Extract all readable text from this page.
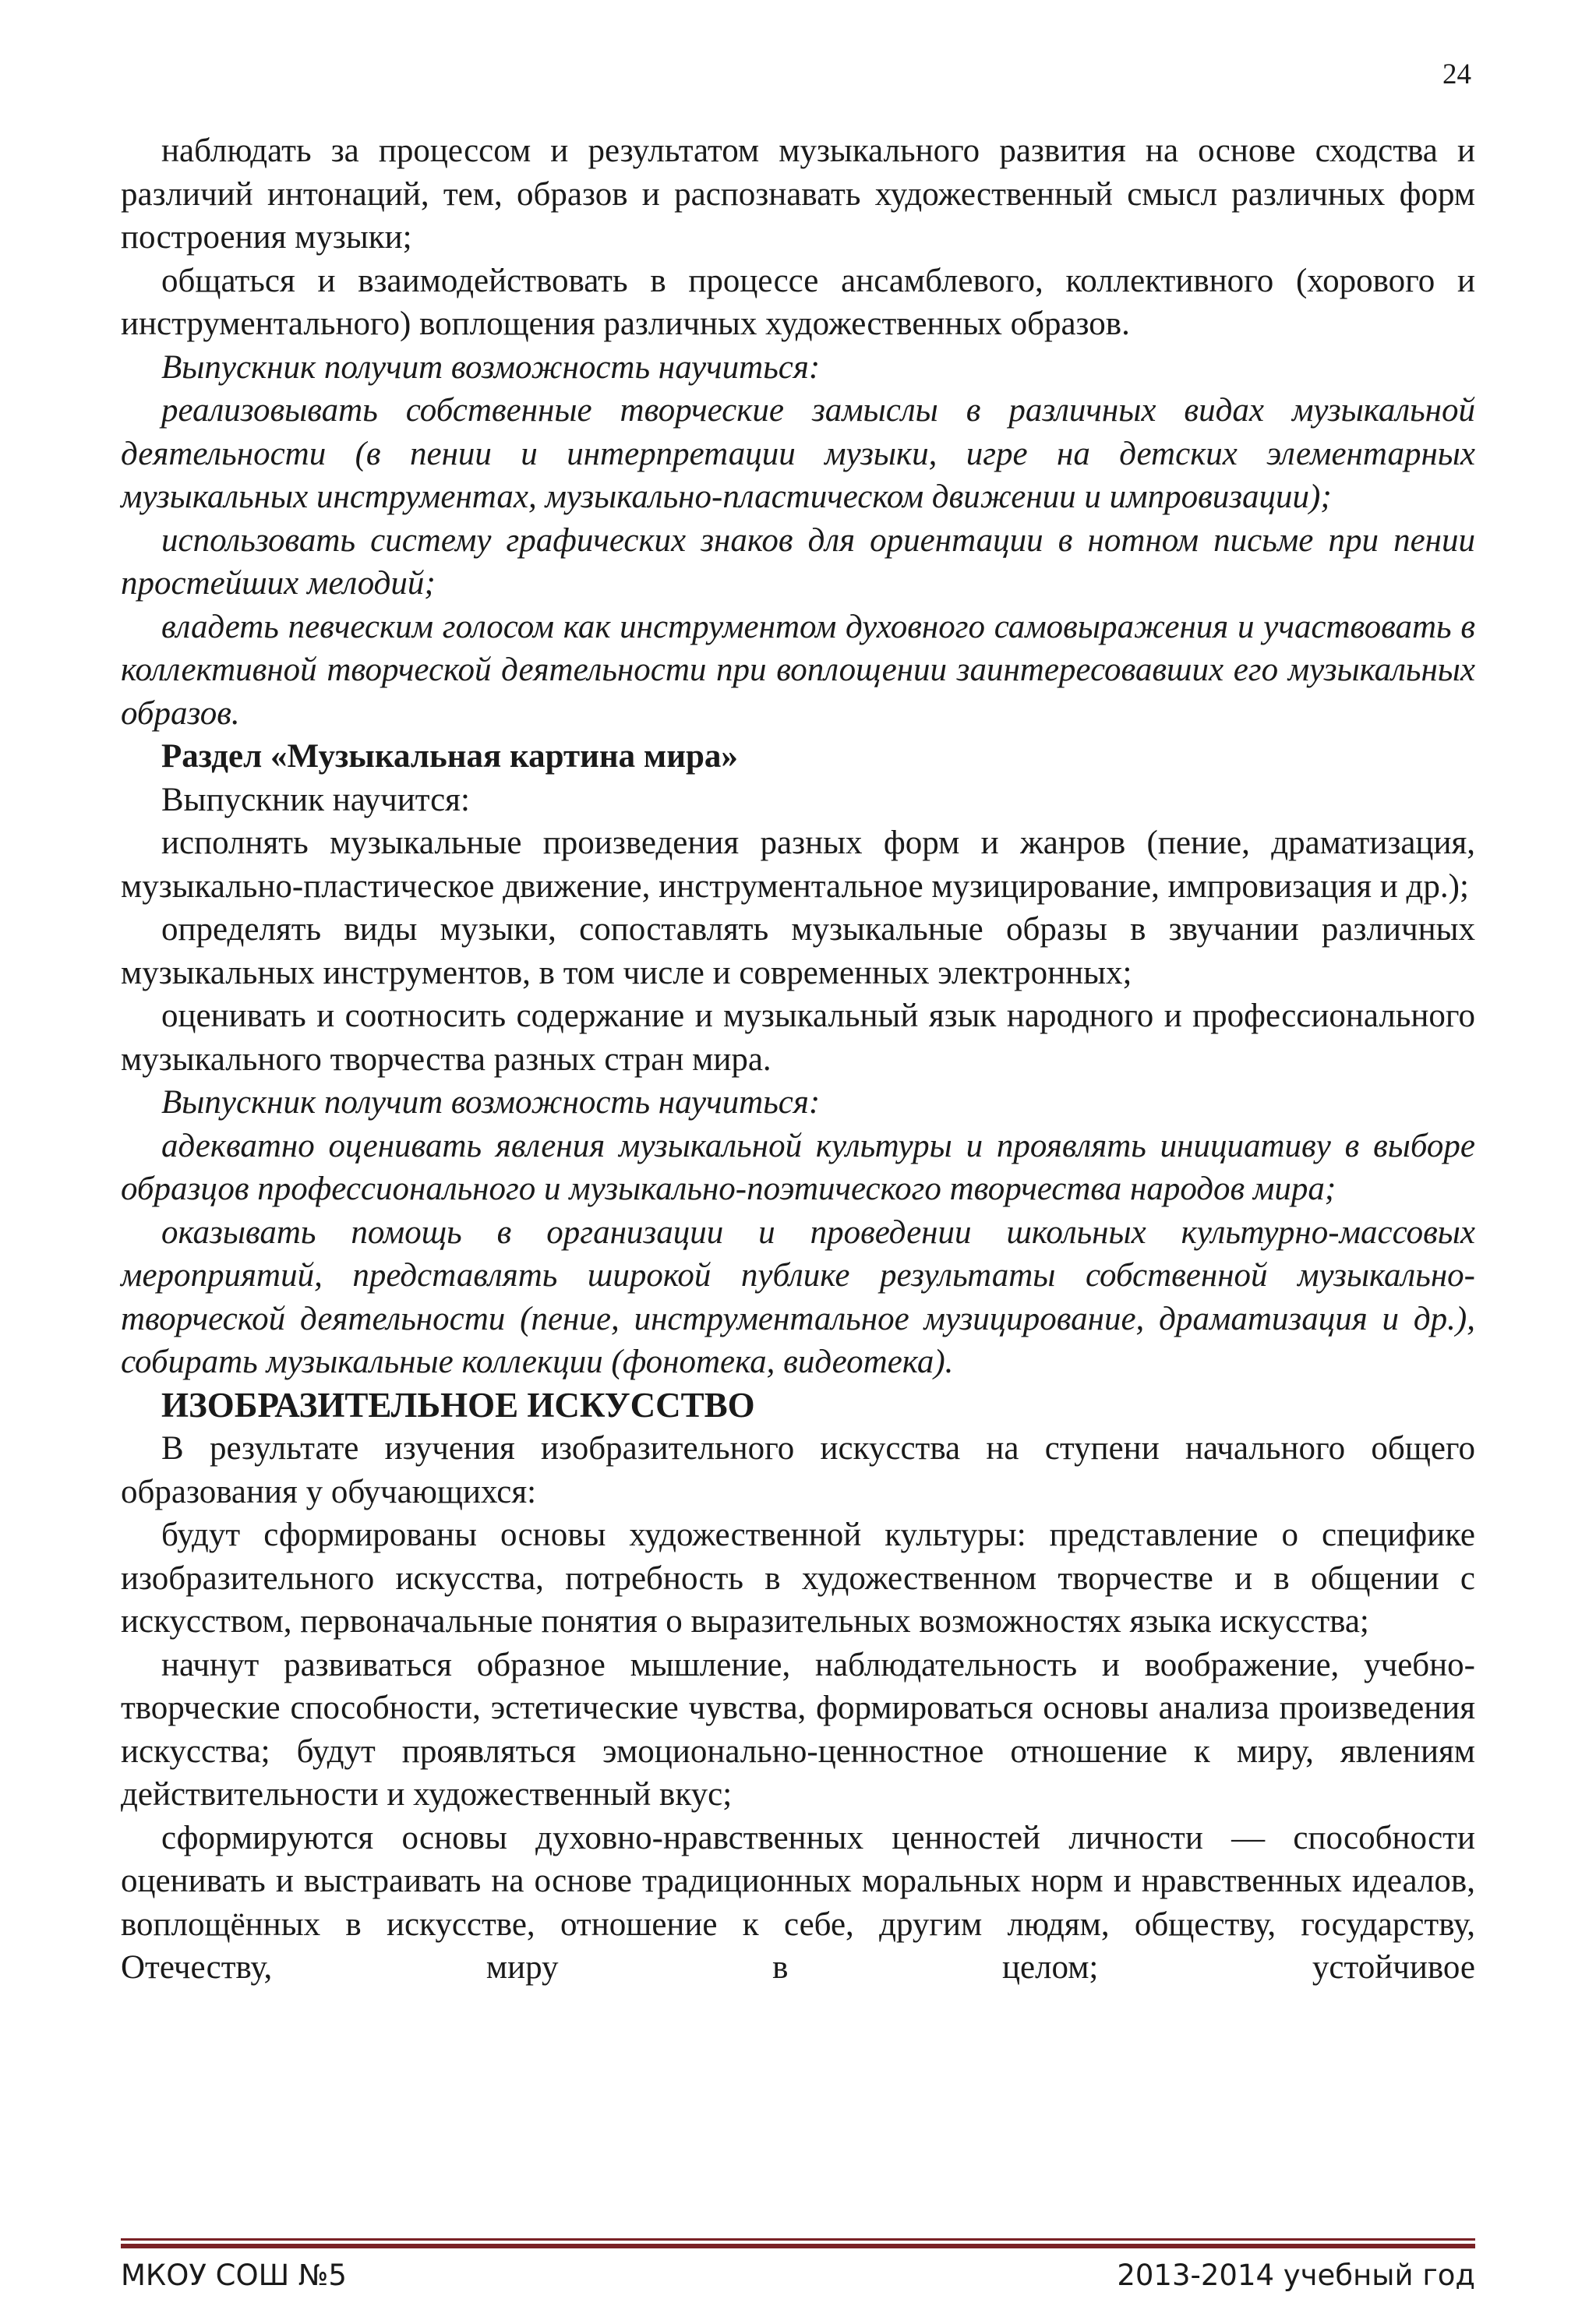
24

наблюдать за процессом и результатом музыкального развития на основе сходства и различий интонаций, тем, образов и распознавать художественный смысл различных форм построения музыки;

общаться и взаимодействовать в процессе ансамблевого, коллективного (хорового и инструментального) воплощения различных художественных образов.

Выпускник получит возможность научиться:

реализовывать собственные творческие замыслы в различных видах музыкальной деятельности (в пении и интерпретации музыки, игре на детских элементарных музыкальных инструментах, музыкально-пластическом движении и импровизации);

использовать систему графических знаков для ориентации в нотном письме при пении простейших мелодий;

владеть певческим голосом как инструментом духовного самовыражения и участвовать в коллективной творческой деятельности при воплощении заинтересовавших его музыкальных образов.

Раздел «Музыкальная картина мира»

Выпускник научится:

исполнять музыкальные произведения разных форм и жанров (пение, драматизация, музыкально-пластическое движение, инструментальное музицирование, импровизация и др.);

определять виды музыки, сопоставлять музыкальные образы в звучании различных музыкальных инструментов, в том числе и современных электронных;

оценивать и соотносить содержание и музыкальный язык народного и профессионального музыкального творчества разных стран мира.

Выпускник получит возможность научиться:

адекватно оценивать явления музыкальной культуры и проявлять инициативу в выборе образцов профессионального и музыкально-поэтического творчества народов мира;

оказывать помощь в организации и проведении школьных культурно-массовых мероприятий, представлять широкой публике результаты собственной музыкально-творческой деятельности (пение, инструментальное музицирование, драматизация и др.), собирать музыкальные коллекции (фонотека, видеотека).

ИЗОБРАЗИТЕЛЬНОЕ ИСКУССТВО

В результате изучения изобразительного искусства на ступени начального общего образования у обучающихся:

будут сформированы основы художественной культуры: представление о специфике изобразительного искусства, потребность в художественном творчестве и в общении с искусством, первоначальные понятия о выразительных возможностях языка искусства;

начнут развиваться образное мышление, наблюдательность и воображение, учебно-творческие способности, эстетические чувства, формироваться основы анализа произведения искусства; будут проявляться эмоционально-ценностное отношение к миру, явлениям действительности и художественный вкус;

сформируются основы духовно-нравственных ценностей личности — способности оценивать и выстраивать на основе традиционных моральных норм и нравственных идеалов, воплощённых в искусстве, отношение к себе, другим людям, обществу, государству, Отечеству, миру в целом; устойчивое

МКОУ СОШ №5	2013-2014 учебный год
